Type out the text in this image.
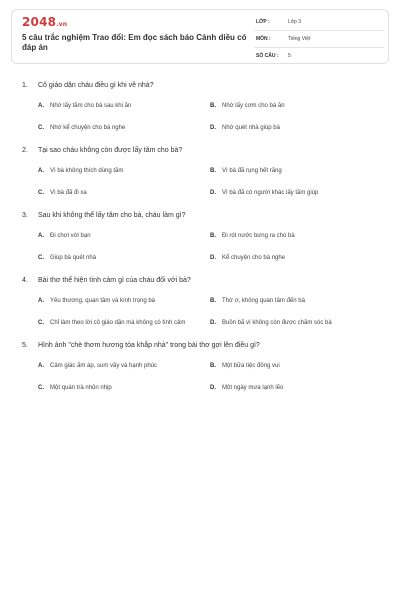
2048.vn
5 câu trắc nghiệm Trao đổi: Em đọc sách báo Cánh diều có đáp án
LỚP :	Lớp 3
MÔN :	Tiếng Việt
SỐ CÂU : 5
1.	Cô giáo dặn cháu điều gì khi về nhà?
A.	Nhớ lấy tăm cho bà sau khi ăn	B.	Nhớ lấy cơm cho bà ăn
C.	Nhớ kể chuyện cho bà nghe	D.	Nhớ quét nhà giúp bà
2.	Tại sao cháu không còn được lấy tăm cho bà?
A.	Vì bà không thích dùng tăm	B.	Vì bà đã rụng hết răng
C.	Vì bà đã đi xa	D.	Vì bà đã có người khác lấy tăm giúp
3.	Sau khi không thể lấy tăm cho bà, cháu làm gì?
A.	Đi chơi với bạn	B.	Đi rót nước bưng ra cho bà
C.	Giúp bà quét nhà	D.	Kể chuyện cho bà nghe
4.	Bài thơ thể hiện tình cảm gì của cháu đối với bà?
A.	Yêu thương, quan tâm và kính trọng bà	B.	Thờ ơ, không quan tâm đến bà
C.	Chỉ làm theo lời cô giáo dặn mà không có tình cảm	D.	Buồn bã vì không còn được chăm sóc bà
5.	Hình ảnh "chè thơm hương tỏa khắp nhà" trong bài thơ gợi lên điều gì?
A.	Cảm giác ấm áp, sum vầy và hạnh phúc	B.	Một bữa tiệc đông vui
C.	Một quán trà nhộn nhịp	D.	Một ngày mưa lạnh lẽo
